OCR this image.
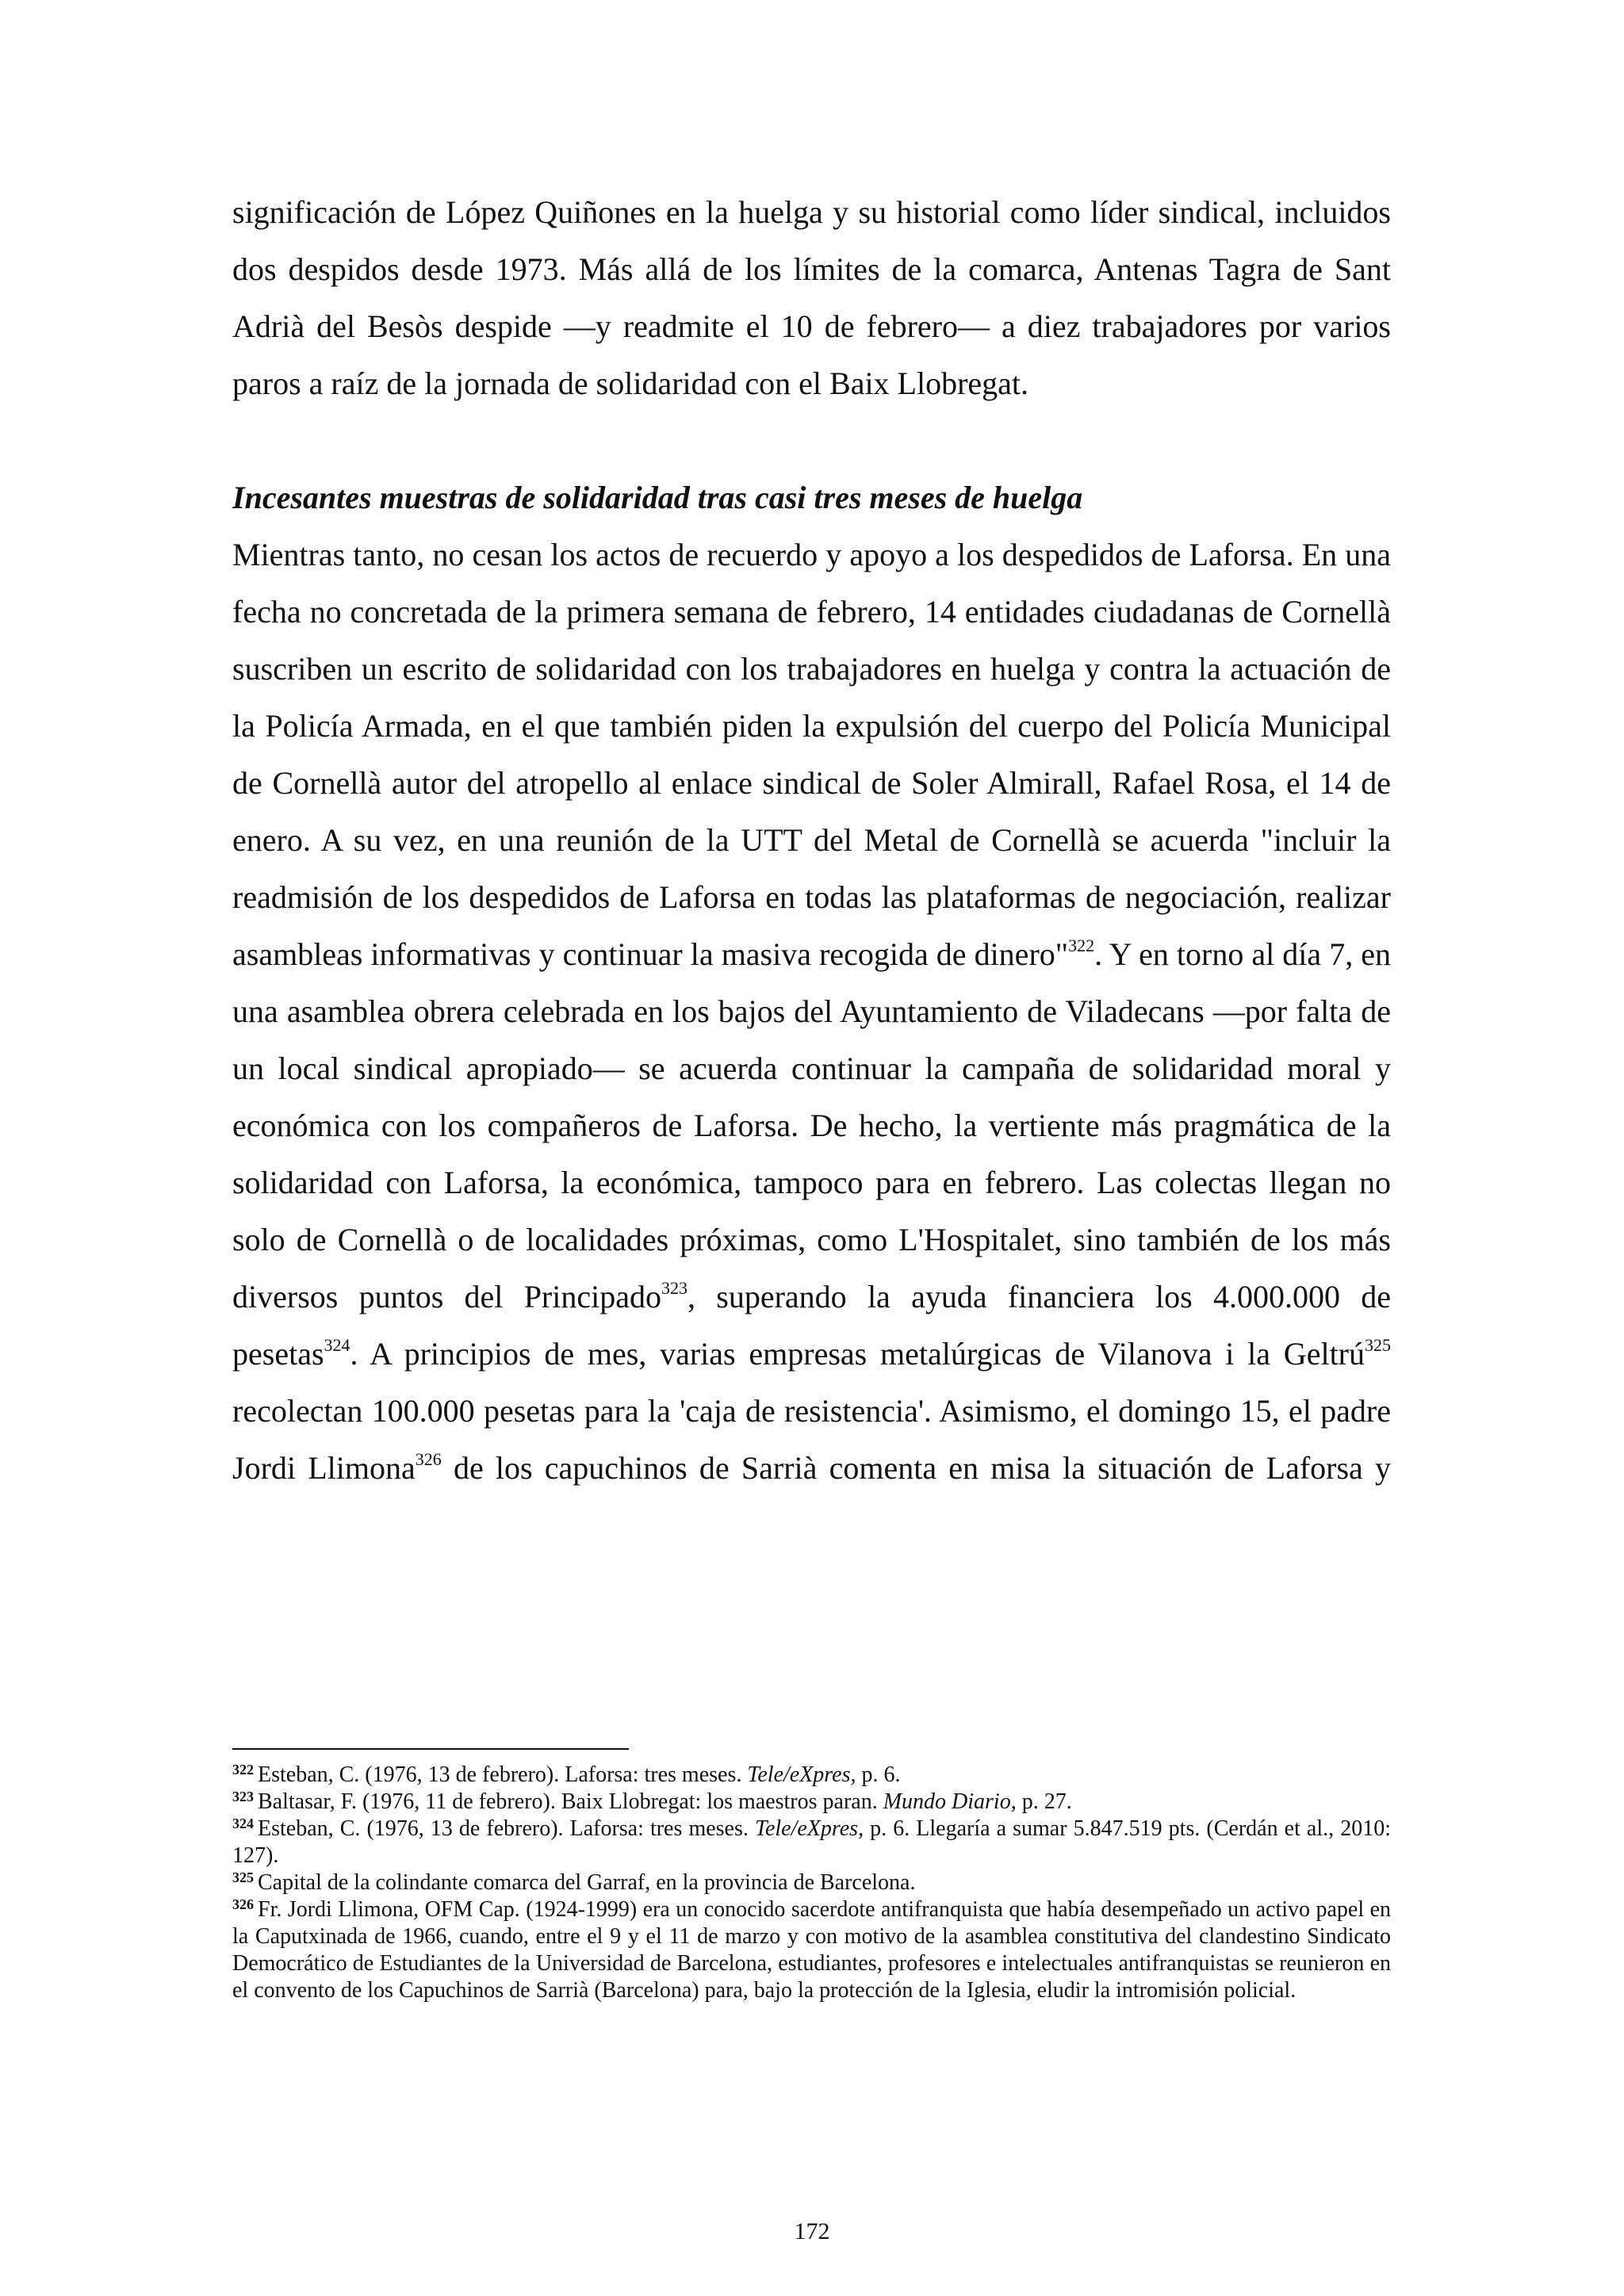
significación de López Quiñones en la huelga y su historial como líder sindical, incluidos dos despidos desde 1973. Más allá de los límites de la comarca, Antenas Tagra de Sant Adrià del Besòs despide —y readmite el 10 de febrero— a diez trabajadores por varios paros a raíz de la jornada de solidaridad con el Baix Llobregat.

Incesantes muestras de solidaridad tras casi tres meses de huelga

Mientras tanto, no cesan los actos de recuerdo y apoyo a los despedidos de Laforsa. En una fecha no concretada de la primera semana de febrero, 14 entidades ciudadanas de Cornellà suscriben un escrito de solidaridad con los trabajadores en huelga y contra la actuación de la Policía Armada, en el que también piden la expulsión del cuerpo del Policía Municipal de Cornellà autor del atropello al enlace sindical de Soler Almirall, Rafael Rosa, el 14 de enero. A su vez, en una reunión de la UTT del Metal de Cornellà se acuerda "incluir la readmisión de los despedidos de Laforsa en todas las plataformas de negociación, realizar asambleas informativas y continuar la masiva recogida de dinero"$^{322}$. Y en torno al día 7, en una asamblea obrera celebrada en los bajos del Ayuntamiento de Viladecans —por falta de un local sindical apropiado— se acuerda continuar la campaña de solidaridad moral y económica con los compañeros de Laforsa. De hecho, la vertiente más pragmática de la solidaridad con Laforsa, la económica, tampoco para en febrero. Las colectas llegan no solo de Cornellà o de localidades próximas, como L'Hospitalet, sino también de los más diversos puntos del Principado$^{323}$, superando la ayuda financiera los 4.000.000 de pesetas$^{324}$. A principios de mes, varias empresas metalúrgicas de Vilanova i la Geltrú$^{325}$ recolectan 100.000 pesetas para la 'caja de resistencia'. Asimismo, el domingo 15, el padre Jordi Llimona$^{326}$ de los capuchinos de Sarrià comenta en misa la situación de Laforsa y

$^{322}$ Esteban, C. (1976, 13 de febrero). Laforsa: tres meses. Tele/eXpres, p. 6.

$^{323}$ Baltasar, F. (1976, 11 de febrero). Baix Llobregat: los maestros paran. Mundo Diario, p. 27.

$^{324}$ Esteban, C. (1976, 13 de febrero). Laforsa: tres meses. Tele/eXpres, p. 6. Llegaría a sumar 5.847.519 pts. (Cerdán et al., 2010: 127).

$^{325}$ Capital de la colindante comarca del Garraf, en la provincia de Barcelona.

$^{326}$ Fr. Jordi Llimona, OFM Cap. (1924-1999) era un conocido sacerdote antifranquista que había desempeñado un activo papel en la Caputxinada de 1966, cuando, entre el 9 y el 11 de marzo y con motivo de la asamblea constitutiva del clandestino Sindicato Democrático de Estudiantes de la Universidad de Barcelona, estudiantes, profesores e intelectuales antifranquistas se reunieron en el convento de los Capuchinos de Sarrià (Barcelona) para, bajo la protección de la Iglesia, eludir la intromisión policial.

172
